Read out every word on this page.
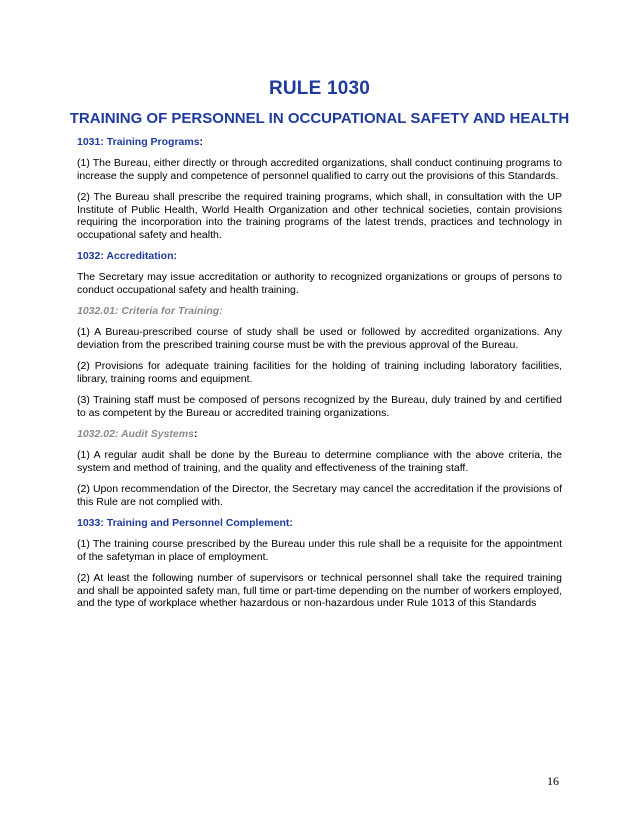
RULE 1030
TRAINING OF PERSONNEL IN OCCUPATIONAL SAFETY AND HEALTH
1031: Training Programs:

(1) The Bureau, either directly or through accredited organizations, shall conduct continuing programs to increase the supply and competence of personnel qualified to carry out the provisions of this Standards.

(2) The Bureau shall prescribe the required training programs, which shall, in consultation with the UP Institute of Public Health, World Health Organization and other technical societies, contain provisions requiring the incorporation into the training programs of the latest trends, practices and technology in occupational safety and health.

1032: Accreditation:

The Secretary may issue accreditation or authority to recognized organizations or groups of persons to conduct occupational safety and health training.

1032.01: Criteria for Training:

(1) A Bureau-prescribed course of study shall be used or followed by accredited organizations. Any deviation from the prescribed training course must be with the previous approval of the Bureau.

(2) Provisions for adequate training facilities for the holding of training including laboratory facilities, library, training rooms and equipment.

(3) Training staff must be composed of persons recognized by the Bureau, duly trained by and certified to as competent by the Bureau or accredited training organizations.

1032.02: Audit Systems:

(1) A regular audit shall be done by the Bureau to determine compliance with the above criteria, the system and method of training, and the quality and effectiveness of the training staff.

(2) Upon recommendation of the Director, the Secretary may cancel the accreditation if the provisions of this Rule are not complied with.

1033: Training and Personnel Complement:

(1) The training course prescribed by the Bureau under this rule shall be a requisite for the appointment of the safetyman in place of employment.

(2) At least the following number of supervisors or technical personnel shall take the required training and shall be appointed safety man, full time or part-time depending on the number of workers employed, and the type of workplace whether hazardous or non-hazardous under Rule 1013 of this Standards

16
